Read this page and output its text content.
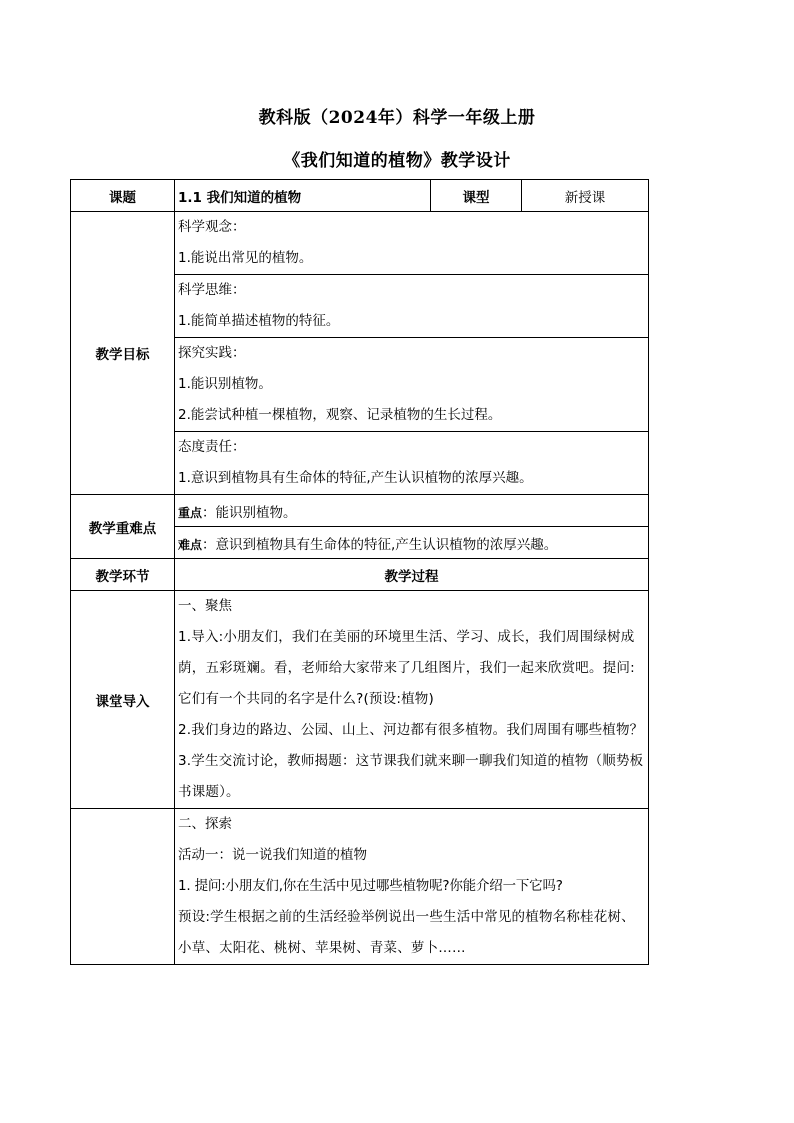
教科版（2024年）科学一年级上册
《我们知道的植物》教学设计
课题	1.1 我们知道的植物	课型	新授课
教学目标	科学观念：
1.能说出常见的植物。		

	科学思维：
1.能简单描述植物的特征。		

	探究实践：
1.能识别植物。
2.能尝试种植一棵植物，观察、记录植物的生长过程。		

	态度责任：
1.意识到植物具有生命体的特征,产生认识植物的浓厚兴趣。		

教学重难点	重点：能识别植物。		
	难点：意识到植物具有生命体的特征,产生认识植物的浓厚兴趣。		
教学环节	教学过程		
课堂导入	一、聚焦
1.导入:小朋友们，我们在美丽的环境里生活、学习、成长，我们周围绿树成荫，五彩斑斓。看，老师给大家带来了几组图片，我们一起来欣赏吧。提问:它们有一个共同的名字是什么?(预设:植物)
2.我们身边的路边、公园、山上、河边都有很多植物。我们周围有哪些植物？
3.学生交流讨论，教师揭题：这节课我们就来聊一聊我们知道的植物（顺势板书课题）。		

	二、探索
活动一：说一说我们知道的植物
1. 提问:小朋友们,你在生活中见过哪些植物呢?你能介绍一下它吗?
预设:学生根据之前的生活经验举例说出一些生活中常见的植物名称桂花树、小草、太阳花、桃树、苹果树、青菜、萝卜……		
